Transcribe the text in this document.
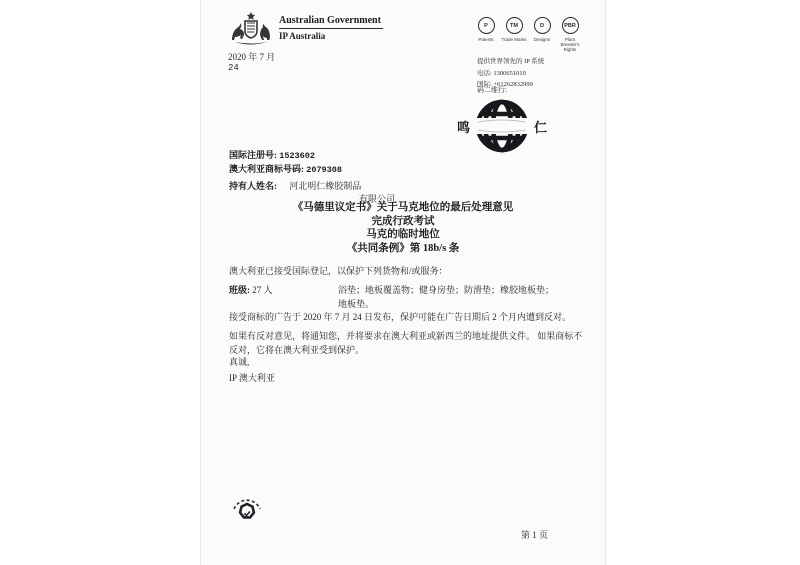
Australian Government
IP Australia
2020 年 7 月
24
P
Patents
TM
Trade Marks
D
Designs
PBR
Plant Breeder's Rights
提供世界领先的 IP 系统
电话: 1300651010
国际: +61262832999
码二维行:
鸣	仁
国际注册号: 1523602
澳大利亚商标号码: 2079308
持有人姓名: 河北明仁橡胶制品
有限公司
《马德里议定书》关于马克地位的最后处理意见
完成行政考试
马克的临时地位
《共同条例》第 18b/s 条
澳大利亚已接受国际登记，以保护下列货物和/或服务：
班级: 27 人	浴垫；地板覆盖物；健身房垫；防滑垫；橡胶地板垫；
地板垫。
接受商标的广告于 2020 年 7 月 24 日发布，保护可能在广告日期后 2 个月内遭到反对。
如果有反对意见，将通知您，并将要求在澳大利亚或新西兰的地址提供文件。 如果商标不反对，它将在澳大利亚受到保护。
真诚,
IP 澳大利亚
第 1 页
